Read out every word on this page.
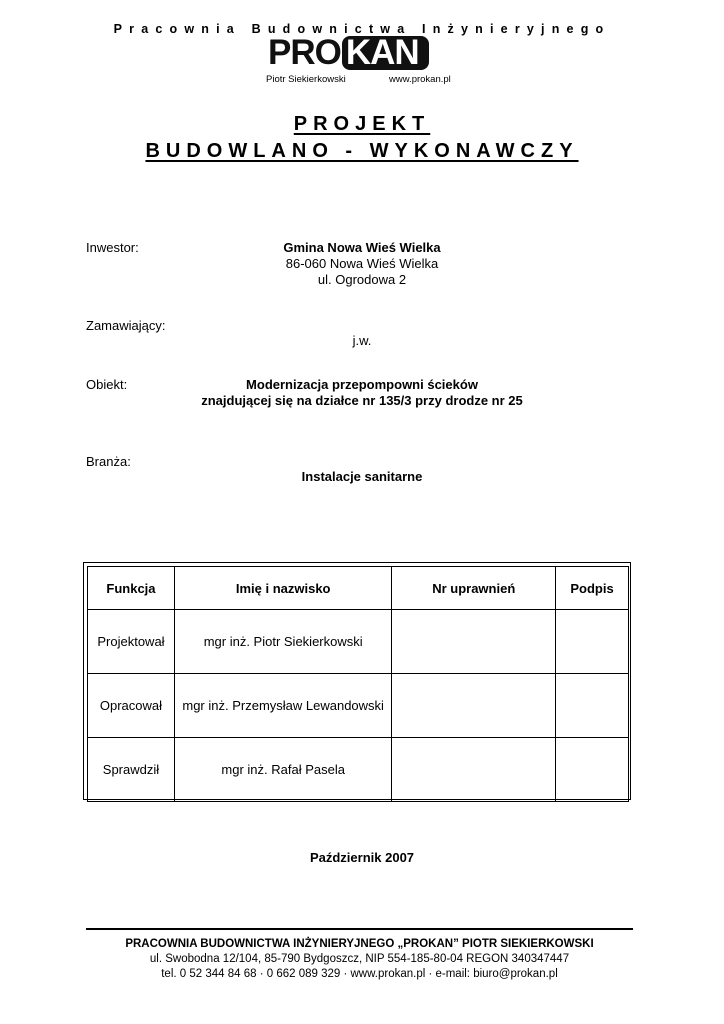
Pracownia Budownictwa Inżynieryjnego
PRO KAN
Piotr Siekierkowski	www.prokan.pl
PROJEKT
BUDOWLANO - WYKONAWCZY
Inwestor:	Gmina Nowa Wieś Wielka
86-060 Nowa Wieś Wielka
ul. Ogrodowa 2
Zamawiający:
j.w.
Obiekt:	Modernizacja przepompowni ścieków
znajdującej się na działce nr 135/3 przy drodze nr 25
Branża:
Instalacje sanitarne
Funkcja	Imię i nazwisko	Nr uprawnień	Podpis
Projektował	mgr inż. Piotr Siekierkowski		
Opracował	mgr inż. Przemysław Lewandowski		
Sprawdził	mgr inż. Rafał Pasela		
Październik 2007
PRACOWNIA BUDOWNICTWA INŻYNIERYJNEGO „PROKAN” PIOTR SIEKIERKOWSKI
ul. Swobodna 12/104, 85-790 Bydgoszcz, NIP 554-185-80-04 REGON 340347447
tel. 0 52 344 84 68 · 0 662 089 329 · www.prokan.pl · e-mail: biuro@prokan.pl
